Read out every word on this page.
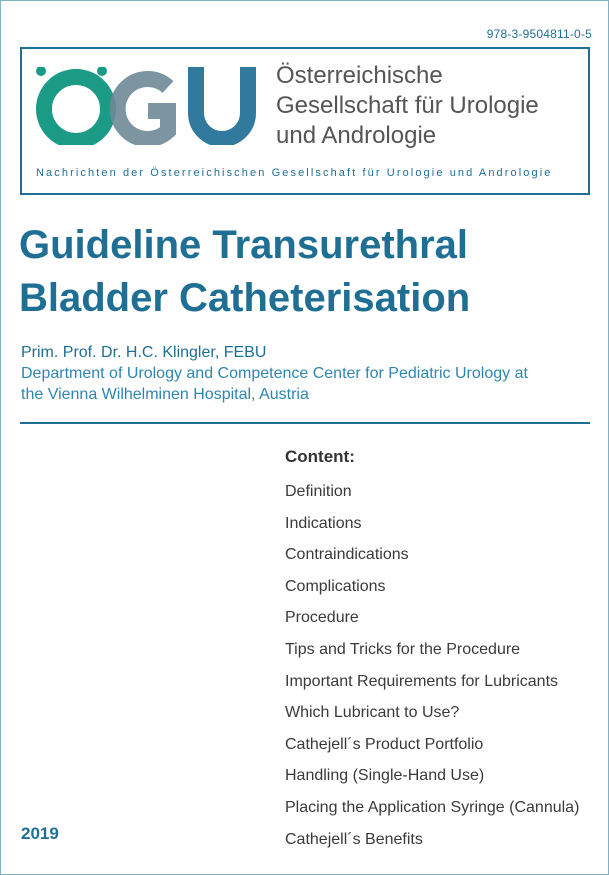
978-3-9504811-0-5
Österreichische
Gesellschaft für Urologie
und Andrologie
Nachrichten der Österreichischen Gesellschaft für Urologie und Andrologie
Guideline Transurethral
Bladder Catheterisation
Prim. Prof. Dr. H.C. Klingler, FEBU
Department of Urology and Competence Center for Pediatric Urology at
the Vienna Wilhelminen Hospital, Austria
Content:
Definition
Indications
Contraindications
Complications
Procedure
Tips and Tricks for the Procedure
Important Requirements for Lubricants
Which Lubricant to Use?
Cathejell´s Product Portfolio
Handling (Single-Hand Use)
Placing the Application Syringe (Cannula)
Cathejell´s Benefits
2019
